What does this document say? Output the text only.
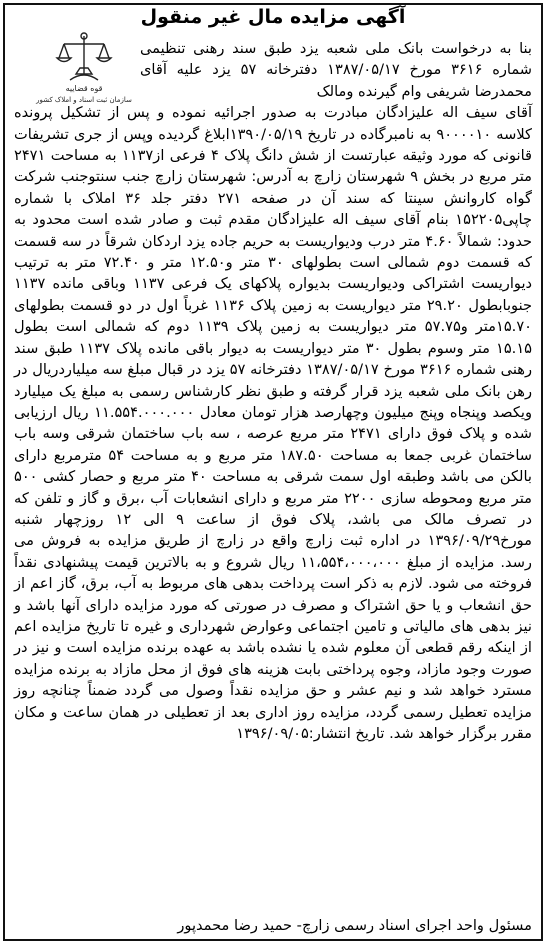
آگهی مزایده مال غیر منقول
قوه قضاییه
سازمان ثبت اسناد و املاک کشور
بنا به درخواست بانک ملی شعبه یزد طبق سند رهنی تنظیمی شماره ۳۶۱۶ مورخ ۱۳۸۷/۰۵/۱۷ دفترخانه ۵۷ یزد علیه آقای محمدرضا شریفی وام گیرنده ومالک
آقای سیف اله علیزادگان مبادرت به صدور اجرائیه نموده و پس از تشکیل پرونده کلاسه ۹۰۰۰۰۱۰ به نامبرگاده در تاریخ ۱۳۹۰/۰۵/۱۹ابلاغ گردیده وپس از جری تشریفات قانونی که مورد وثیقه عبارتست از شش دانگ پلاک ۴ فرعی از۱۱۳۷ به مساحت ۲۴۷۱ متر مربع در بخش ۹ شهرستان زارچ به آدرس: شهرستان زارچ جنب سنتوجنب شرکت گواه کاروانش سینتا که سند آن در صفحه ۲۷۱ دفتر جلد ۳۶ املاک با شماره چاپی۱۵۲۲۰۵ بنام آقای سیف اله علیزادگان مقدم ثبت و صادر شده است محدود به حدود: شمالاً ۴.۶۰ متر درب ودیواریست به حریم جاده یزد اردکان شرقاً در سه قسمت که قسمت دوم شمالی است بطولهای ۳۰ متر و۱۲.۵۰ متر و ۷۲.۴۰ متر به ترتیب دیواریست اشتراکی ودیواریست بدیواره پلاکهای یک فرعی ۱۱۳۷ وباقی مانده ۱۱۳۷ جنوبابطول ۲۹.۲۰ متر دیواریست به زمین پلاک ۱۱۳۶ غرباً اول در دو قسمت بطولهای ۱۵.۷۰متر و۵۷.۷۵ متر دیواریست به زمین پلاک ۱۱۳۹ دوم که شمالی است بطول ۱۵.۱۵ متر وسوم بطول ۳۰ متر دیواریست به دیوار باقی مانده پلاک ۱۱۳۷ طبق سند رهنی شماره ۳۶۱۶ مورخ ۱۳۸۷/۰۵/۱۷ دفترخانه ۵۷ یزد در قبال مبلغ سه میلیاردریال در رهن بانک ملی شعبه یزد قرار گرفته و طبق نظر کارشناس رسمی به مبلغ یک میلیارد ویکصد وپنجاه وپنج میلیون وچهارصد هزار تومان معادل ۱۱.۵۵۴.۰۰۰.۰۰۰ ریال ارزیابی شده و پلاک فوق دارای ۲۴۷۱ متر مربع عرصه ، سه باب ساختمان شرقی وسه باب ساختمان غربی جمعا به مساحت ۱۸۷.۵۰ متر مربع و به مساحت ۵۴ مترمربع دارای بالکن می باشد وطبقه اول سمت شرقی به مساحت ۴۰ متر مربع و حصار کشی ۵۰۰ متر مربع ومحوطه سازی ۲۲۰۰ متر مربع و دارای انشعابات آب ،برق و گاز و تلفن که در تصرف مالک می باشد، پلاک فوق از ساعت ۹ الی ۱۲ روزچهار شنبه مورخ۱۳۹۶/۰۹/۲۹ در اداره ثبت زارچ واقع در زارچ از طریق مزایده به فروش می رسد. مزایده از مبلغ ۱۱،۵۵۴،۰۰۰،۰۰۰ ریال شروع و به بالاترین قیمت پیشنهادی نقداً فروخته می شود. لازم به ذکر است پرداخت بدهی های مربوط به آب، برق، گاز اعم از حق انشعاب و یا حق اشتراک و مصرف در صورتی که مورد مزایده دارای آنها باشد و نیز بدهی های مالیاتی و تامین اجتماعی وعوارض شهرداری و غیره تا تاریخ مزایده اعم از اینکه رقم قطعی آن معلوم شده یا نشده باشد به عهده برنده مزایده است و نیز در صورت وجود مازاد، وجوه پرداختی بابت هزینه های فوق از محل مازاد به برنده مزایده مسترد خواهد شد و نیم عشر و حق مزایده نقداً وصول می گردد ضمناً چنانچه روز مزایده تعطیل رسمی گردد، مزایده روز اداری بعد از تعطیلی در همان ساعت و مکان مقرر برگزار خواهد شد. تاریخ انتشار:۱۳۹۶/۰۹/۰۵
مسئول واحد اجرای اسناد رسمی زارچ- حمید رضا محمدپور
